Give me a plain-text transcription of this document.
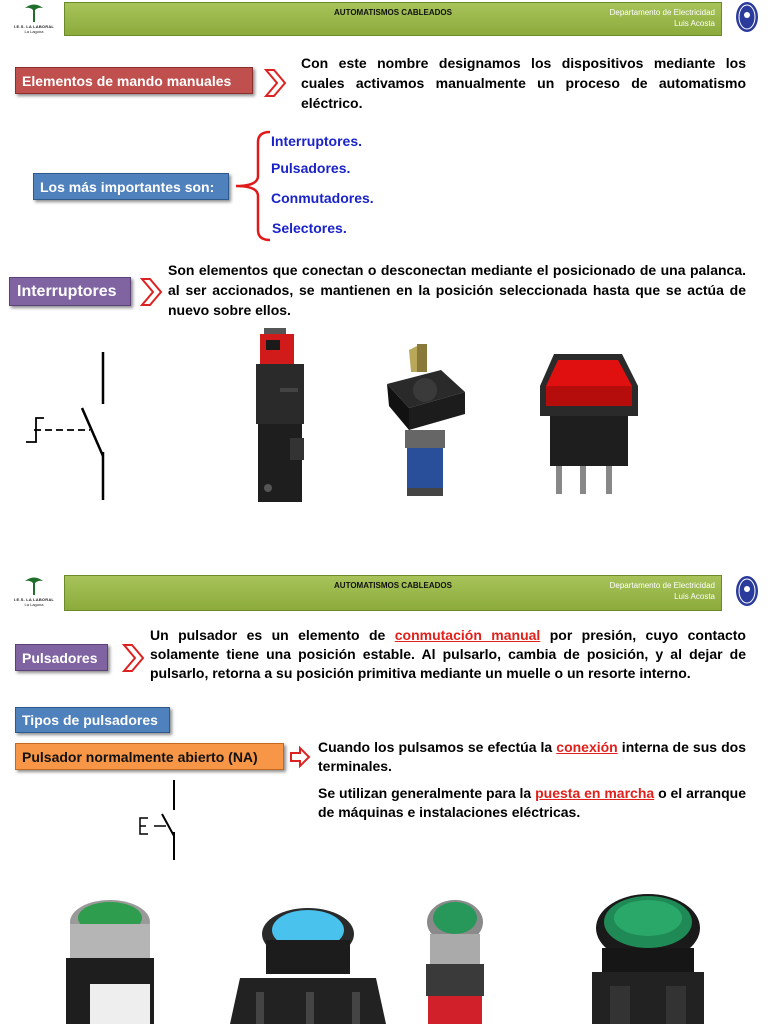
I.E.S. LA LABORAL
La Laguna
AUTOMATISMOS CABLEADOS	Departamento de Electricidad
Luis Acosta
Elementos de mando manuales
Con este nombre designamos los dispositivos mediante los cuales activamos manualmente un proceso de automatismo eléctrico.
Los más importantes son:
Interruptores.
Pulsadores.
Conmutadores.
Selectores.
Interruptores
Son elementos que conectan o desconectan mediante el posicionado de una palanca. al ser accionados, se mantienen en la posición seleccionada hasta que se actúa de nuevo sobre ellos.
I.E.S. LA LABORAL
La Laguna
AUTOMATISMOS CABLEADOS	Departamento de Electricidad
Luis Acosta
Pulsadores
Un pulsador es un elemento de conmutación manual por presión, cuyo contacto solamente tiene una posición estable. Al pulsarlo, cambia de posición, y al dejar de pulsarlo, retorna a su posición primitiva mediante un muelle o un resorte interno.
Tipos de pulsadores
Pulsador normalmente abierto (NA)
Cuando los pulsamos se efectúa la conexión interna de sus dos terminales.
Se utilizan generalmente para la puesta en marcha o el arranque de máquinas e instalaciones eléctricas.
